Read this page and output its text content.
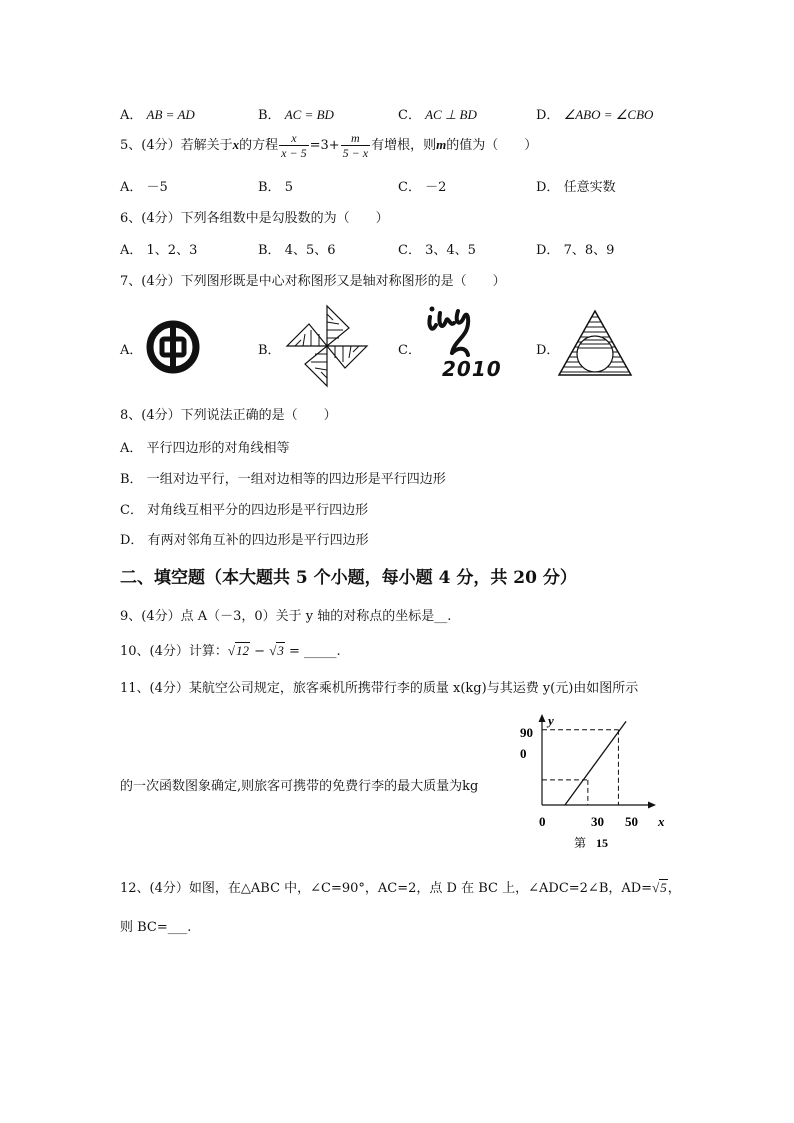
A． AB = AD	B． AC = BD	C． AC ⊥ BD	D． ∠ABO = ∠CBO
5、(4分）若解关于x的方程 $\frac{x}{x - 5} =3+ \frac{m}{5 - x}$ 有增根，则m的值为（　　）
A． －5	B． 5	C． －2	D． 任意实数
6、(4分）下列各组数中是勾股数的为（　　）
A． 1、2、3	B． 4、5、6	C． 3、4、5	D． 7、8、9
7、(4分）下列图形既是中心对称图形又是轴对称图形的是（　　）
A．	B．	C．
2010
D．
8、(4分）下列说法正确的是（　　）
A． 平行四边形的对角线相等
B． 一组对边平行，一组对边相等的四边形是平行四边形
C． 对角线互相平分的四边形是平行四边形
D． 有两对邻角互补的四边形是平行四边形
二、填空题（本大题共 5 个小题，每小题 4 分，共 20 分）
9、(4分）点 A（－3，0）关于 y 轴的对称点的坐标是__.
10、(4分）计算：√12 − √3 = _____.
11、(4分）某航空公司规定，旅客乘机所携带行李的质量 x(kg)与其运费 y(元)由如图所示
的一次函数图象确定,则旅客可携带的免费行李的最大质量为kg
y
x
0	30 50
90
0
第 15
12、(4分）如图，在△ABC 中，∠C=90°，AC=2，点 D 在 BC 上，∠ADC=2∠B，AD=√5，
则 BC=___.
